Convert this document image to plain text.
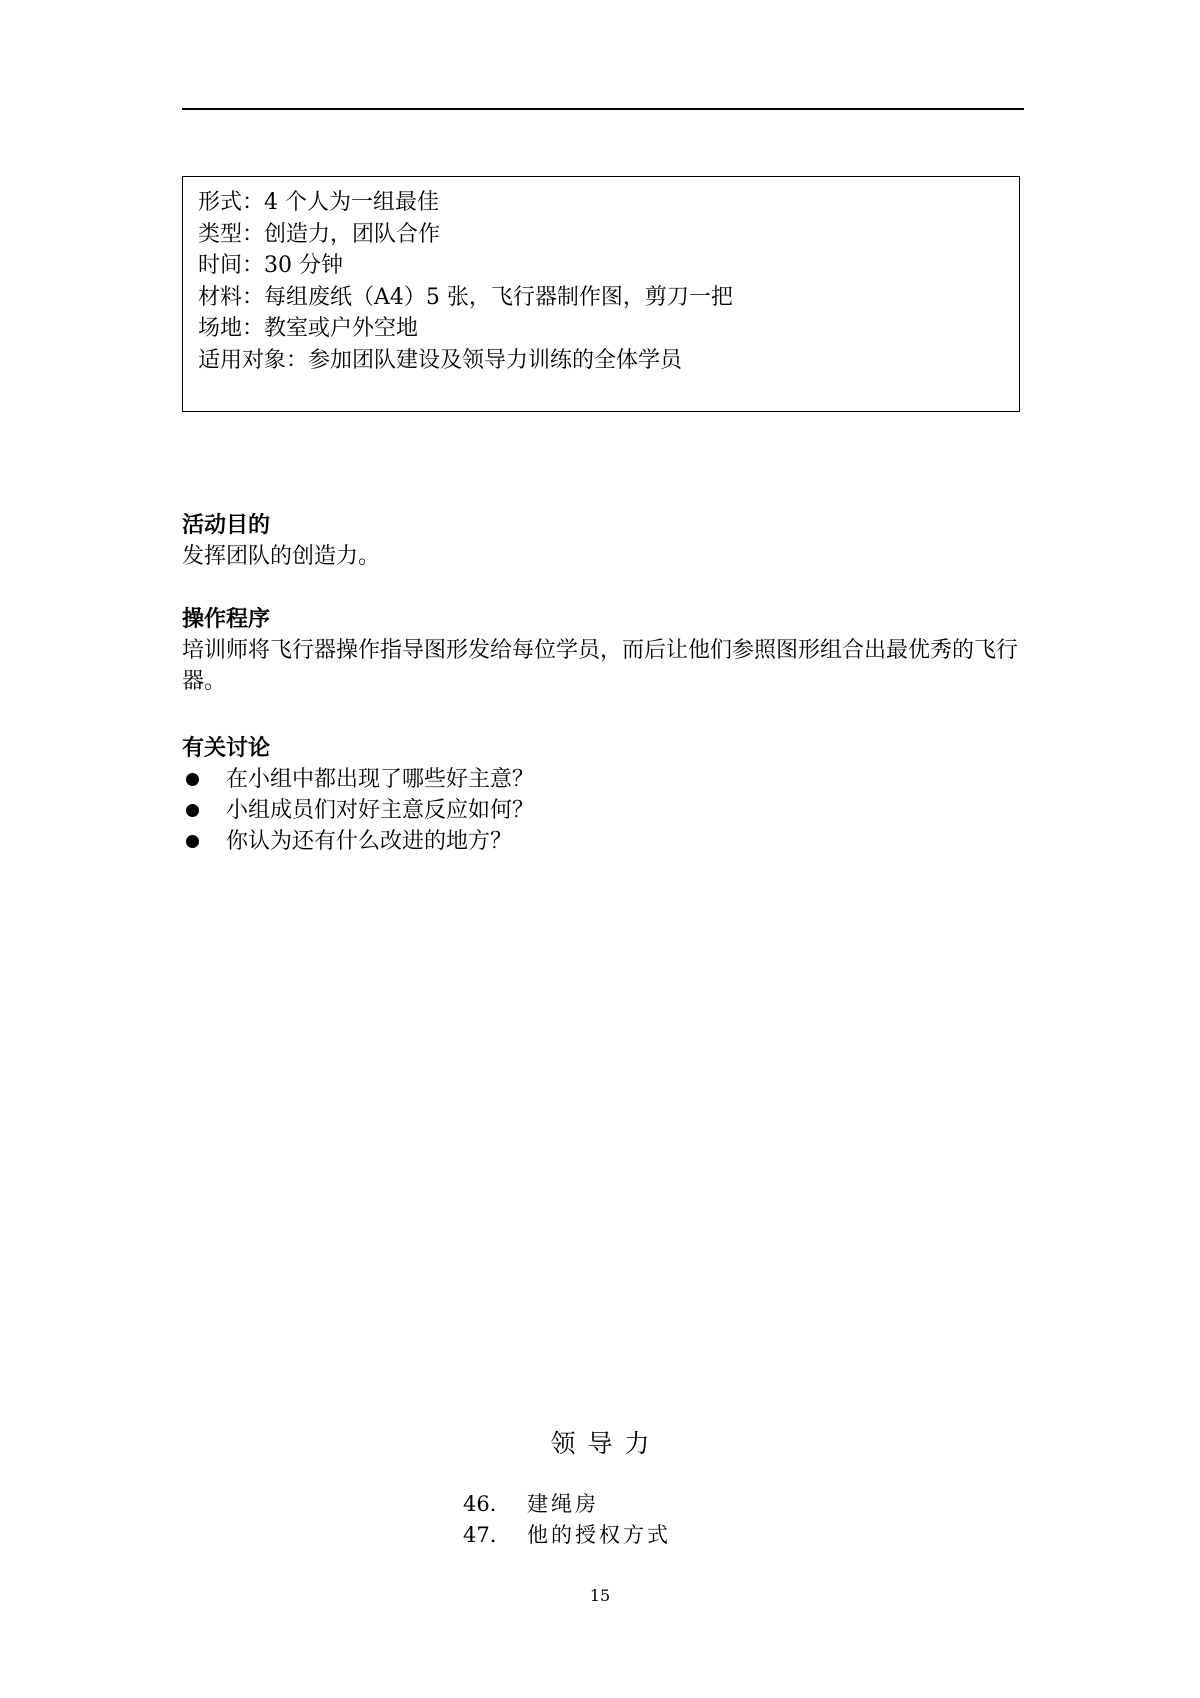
形式：4 个人为一组最佳
类型：创造力，团队合作
时间：30 分钟
材料：每组废纸（A4）5 张，飞行器制作图，剪刀一把
场地：教室或户外空地
适用对象：参加团队建设及领导力训练的全体学员
活动目的
发挥团队的创造力。
操作程序
培训师将飞行器操作指导图形发给每位学员，而后让他们参照图形组合出最优秀的飞行器。
有关讨论
在小组中都出现了哪些好主意？
小组成员们对好主意反应如何？
你认为还有什么改进的地方？
领导力
46. 建绳房
47. 他的授权方式
15
